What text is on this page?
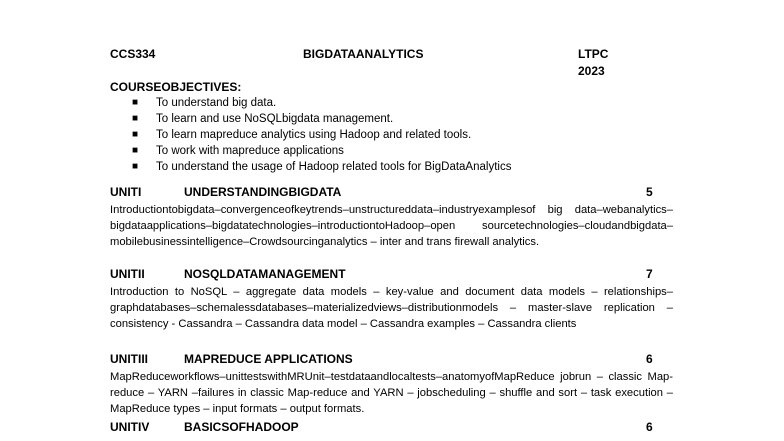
CCS334	BIGDATAANALYTICS	LTPC
2023
COURSEOBJECTIVES:
■ To understand big data.
■ To learn and use NoSQLbigdata management.
■ To learn mapreduce analytics using Hadoop and related tools.
■ To work with mapreduce applications
■ To understand the usage of Hadoop related tools for BigDataAnalytics
UNITI	UNDERSTANDINGBIGDATA	5
Introductiontobigdata–convergenceofkeytrends–unstructureddata–industryexamplesof big data–webanalytics–bigdataapplications–bigdatatechnologies–introductiontoHadoop–open sourcetechnologies–cloudandbigdata–mobilebusinessintelligence–Crowdsourcinganalytics – inter and trans firewall analytics.
UNITII	NOSQLDATAMANAGEMENT	7
Introduction to NoSQL – aggregate data models – key-value and document data models – relationships–graphdatabases–schemalessdatabases–materializedviews–distributionmodels – master-slave replication – consistency - Cassandra – Cassandra data model – Cassandra examples – Cassandra clients
UNITIII	MAPREDUCE APPLICATIONS	6
MapReduceworkflows–unittestswithMRUnit–testdataandlocaltests–anatomyofMapReduce jobrun – classic Map-reduce – YARN –failures in classic Map-reduce and YARN – jobscheduling – shuffle and sort – task execution – MapReduce types – input formats – output formats.
UNITIV	BASICSOFHADOOP	6
